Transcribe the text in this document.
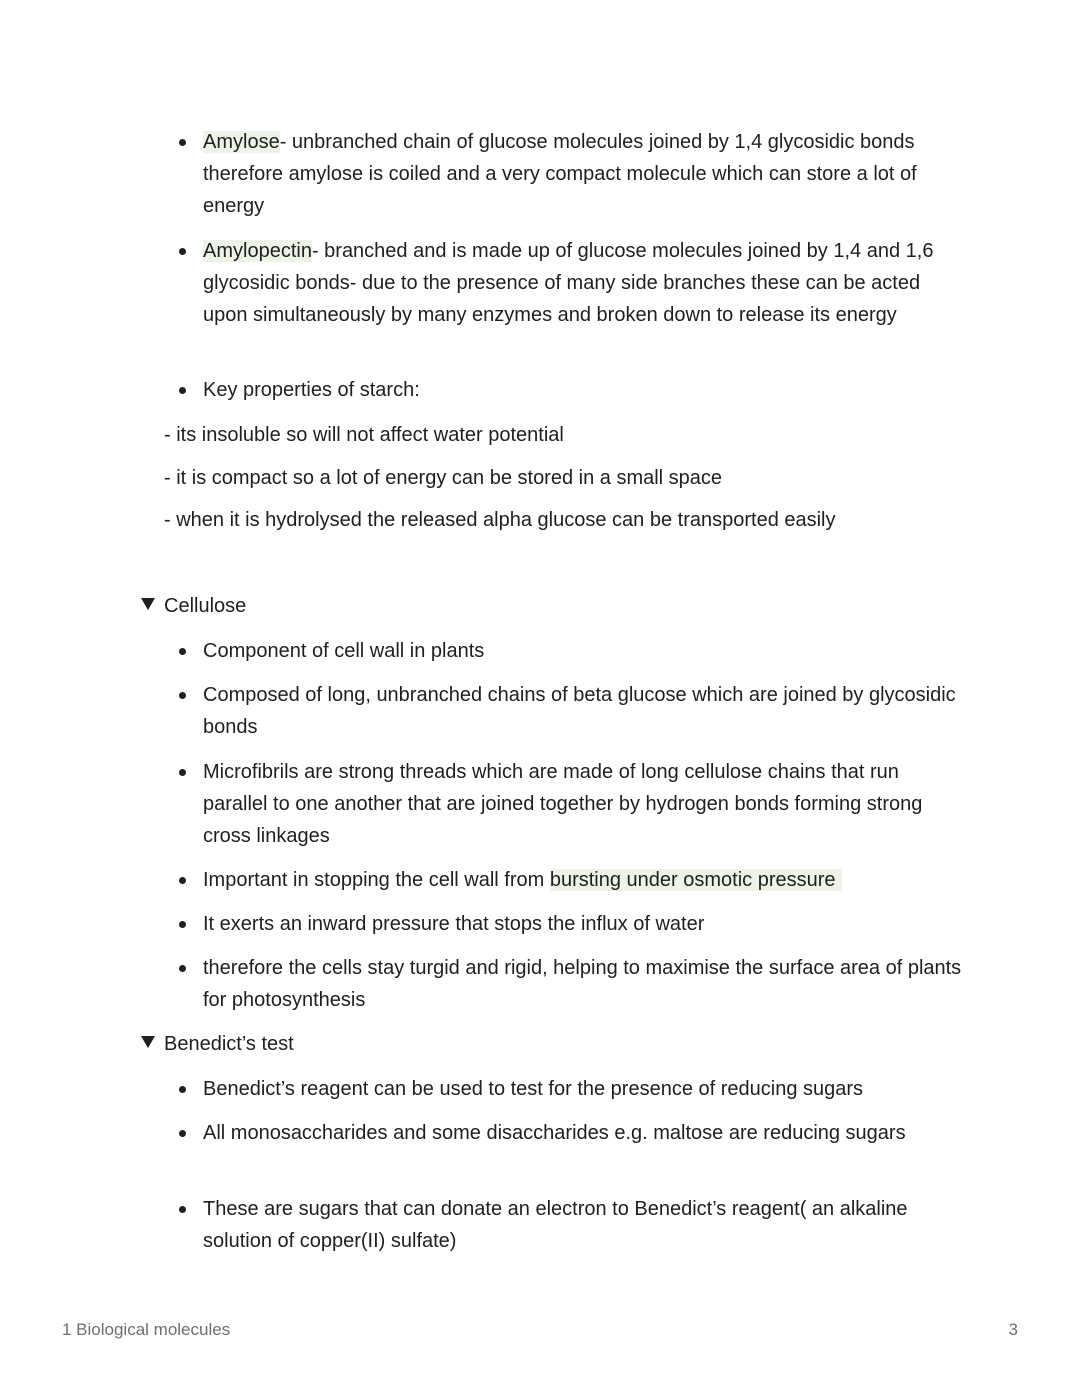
Amylose- unbranched chain of glucose molecules joined by 1,4 glycosidic bonds therefore amylose is coiled and a very compact molecule which can store a lot of energy
Amylopectin- branched and is made up of glucose molecules joined by 1,4 and 1,6 glycosidic bonds- due to the presence of many side branches these can be acted upon simultaneously by many enzymes and broken down to release its energy
Key properties of starch:
- its insoluble so will not affect water potential
- it is compact so a lot of energy can be stored in a small space
- when it is hydrolysed the released alpha glucose can be transported easily
Cellulose
Component of cell wall in plants
Composed of long, unbranched chains of beta glucose which are joined by glycosidic bonds
Microfibrils are strong threads which are made of long cellulose chains that run parallel to one another that are joined together by hydrogen bonds forming strong cross linkages
Important in stopping the cell wall from bursting under osmotic pressure
It exerts an inward pressure that stops the influx of water
therefore the cells stay turgid and rigid, helping to maximise the surface area of plants for photosynthesis
Benedict’s test
Benedict’s reagent can be used to test for the presence of reducing sugars
All monosaccharides and some disaccharides e.g. maltose are reducing sugars
These are sugars that can donate an electron to Benedict’s reagent( an alkaline solution of copper(II) sulfate)
1 Biological molecules	3
